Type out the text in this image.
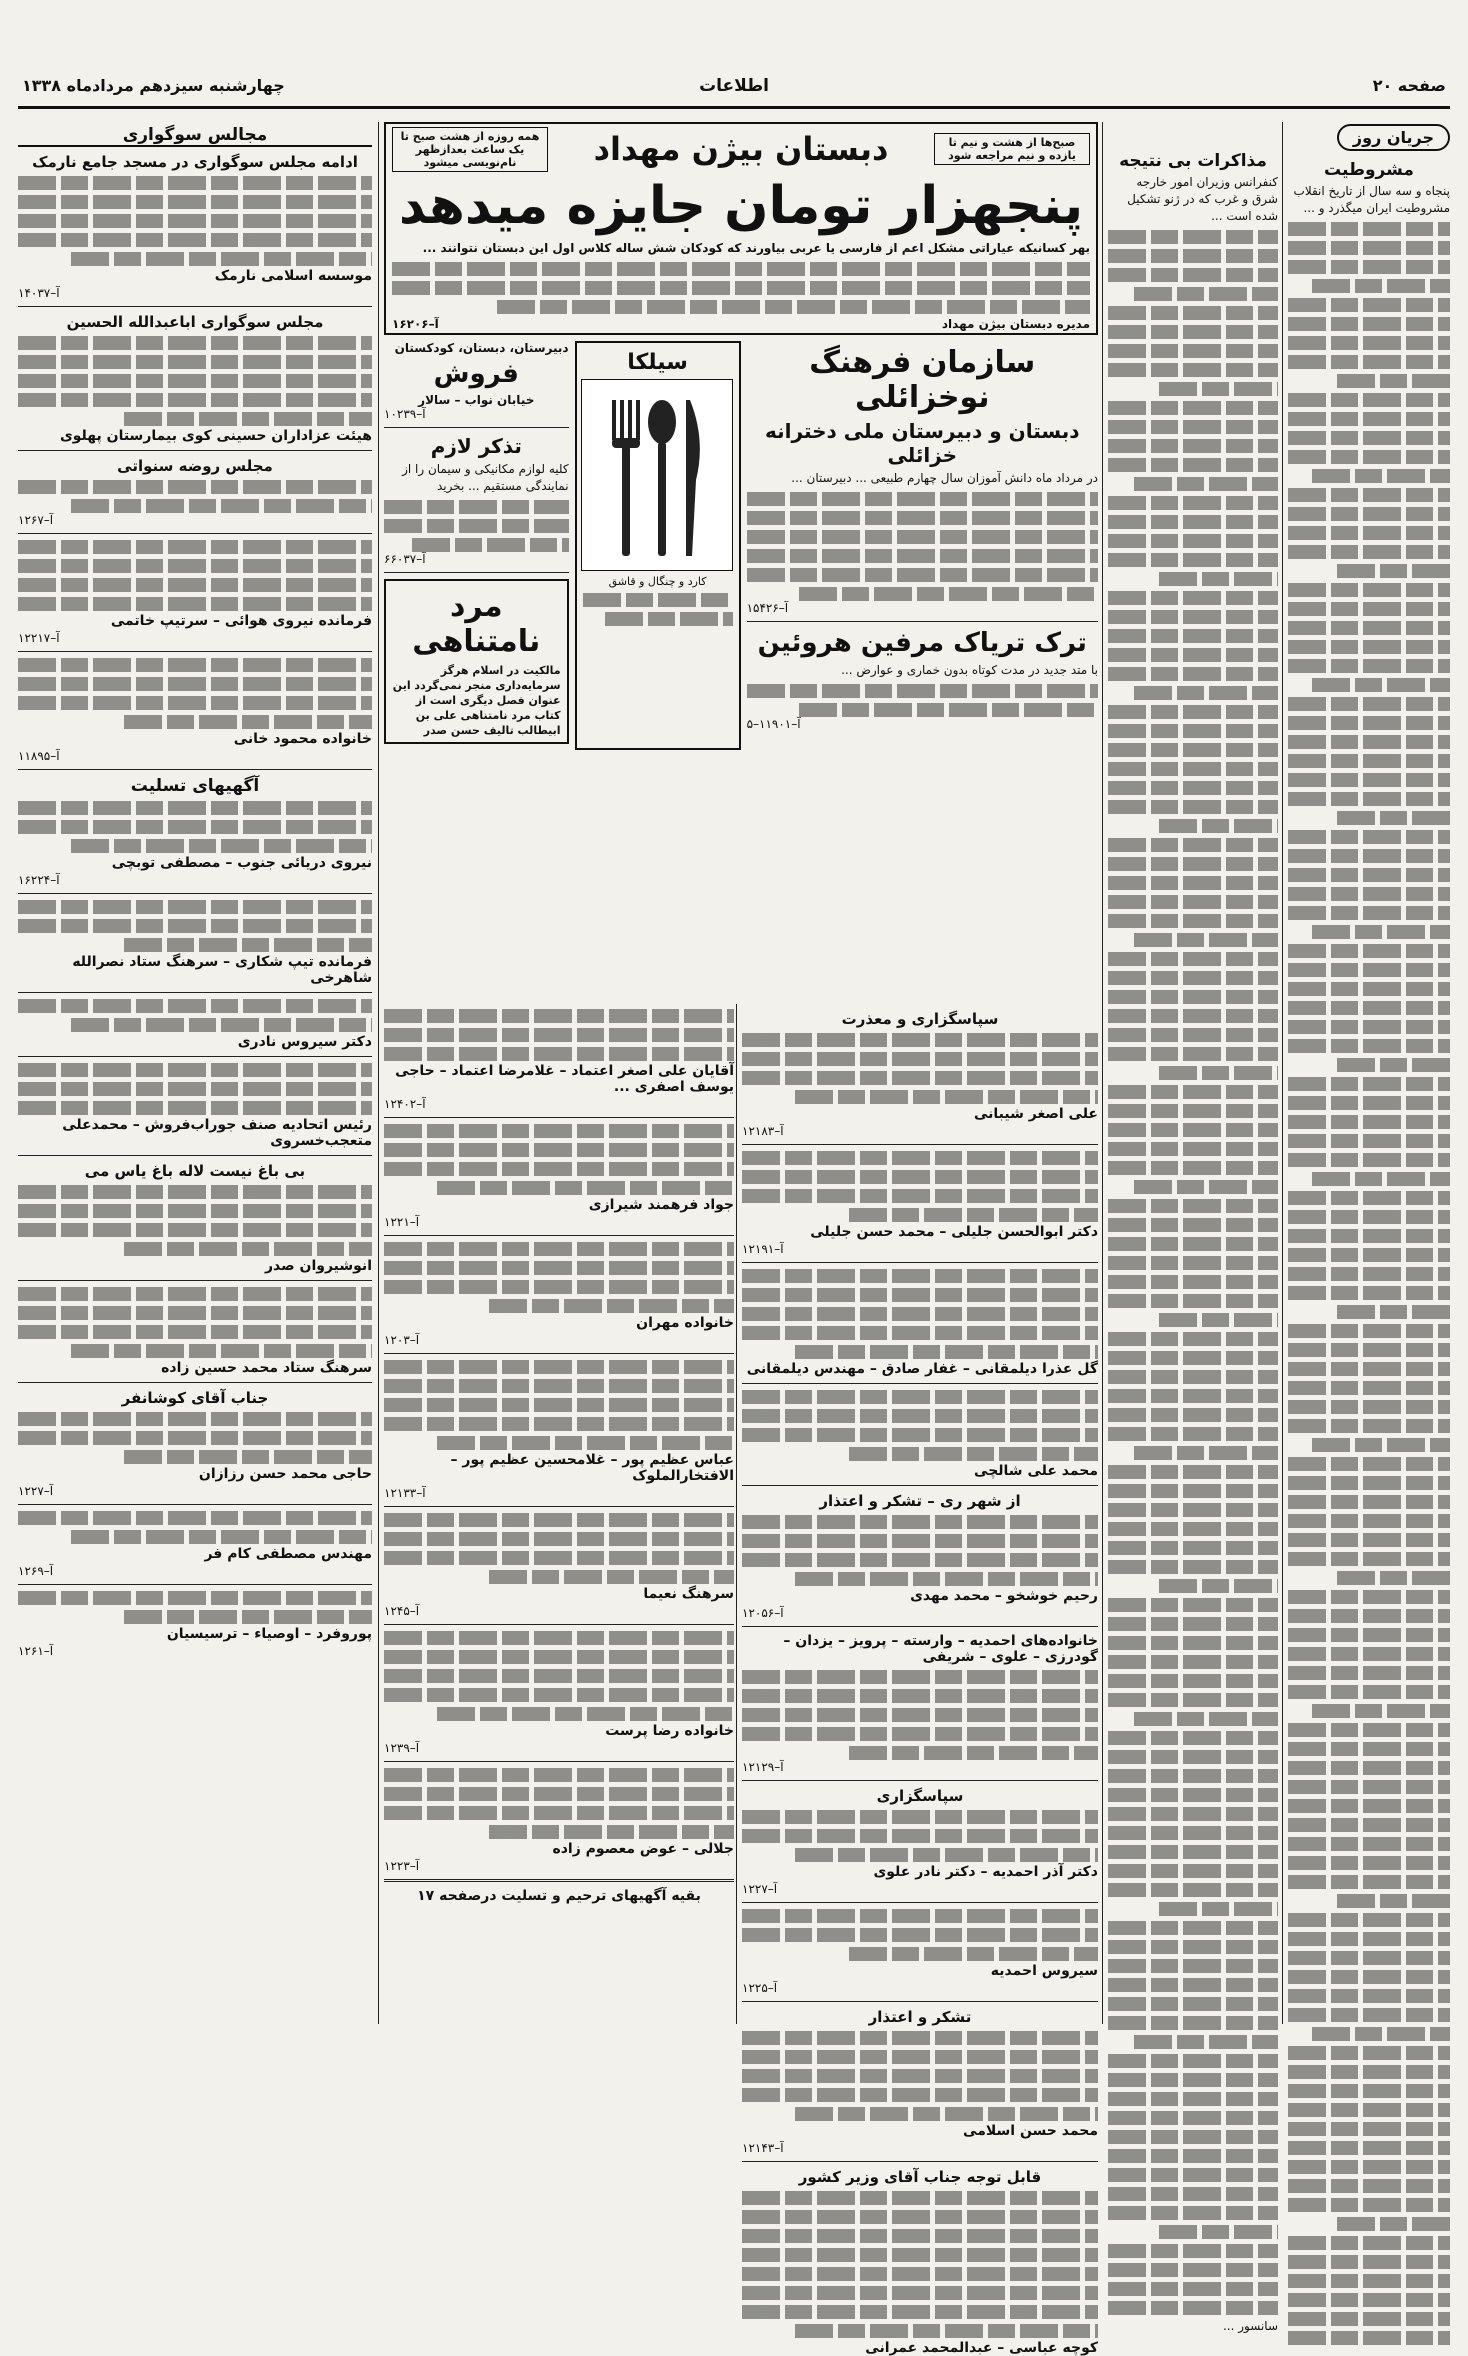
صفحه ۲۰
اطلاعات
چهارشنبه سیزدهم مردادماه ۱۳۳۸
جریان روز
مشروطیت
پنجاه و سه سال از تاریخ انقلاب مشروطیت ایران میگذرد و ...
مذاکرات بی نتیجه
کنفرانس وزیران امور خارجه شرق و غرب که در ژنو تشکیل شده است ...
سانسور ...
صبح‌ها از هشت و نیم تا یازده و نیم مراجعه شود
دبستان بیژن مهداد
همه روزه از هشت صبح تا یک ساعت بعدازظهر نام‌نویسی میشود
پنجهزار تومان جایزه میدهد
بهر کسانیکه عیاراتی مشکل اعم از فارسی یا عربی بیاورند که کودکان شش ساله کلاس اول این دبستان نتوانند ...
مدیره دبستان بیژن مهداد
آ–۱۶۲۰۶
سازمان فرهنگ نوخزائلی
دبستان و دبیرستان ملی دخترانه خزائلی
در مرداد ماه دانش آموزان سال چهارم طبیعی ... دبیرستان ...
آ–۱۵۴۲۶
ترک تریاک مرفین هروئین
با متد جدید در مدت کوتاه بدون خماری و عوارض ...
آ–۱۱۹۰۱–۵
سیلکا
کارد و چنگال و قاشق
دبیرستان، دبستان، کودکستان
فروش
خیابان نواب – سالار
آ–۱۰۲۳۹
تذکر لازم
کلیه لوازم مکانیکی و سیمان را از نمایندگی مستقیم ... بخرید
آ–۶۶۰۳۷
مرد نامتناهی
مالکیت در اسلام هرگز سرمایه‌داری منجر نمی‌گردد این عنوان فصل دیگری است از کتاب مرد نامتناهی علی بن ابیطالب تالیف حسن صدر
سپاسگزاری و معذرت
علی اصغر شیبانی
آ–۱۲۱۸۳
دکتر ابوالحسن جلیلی – محمد حسن جلیلی
آ–۱۲۱۹۱
گل عذرا دیلمقانی – غفار صادق – مهندس دیلمقانی
محمد علی شالچی
از شهر ری – تشکر و اعتذار
رحیم خوشخو – محمد مهدی
آ–۱۲۰۵۶
خانواده‌های احمدیه – وارسته – پرویز – یزدان – گودرزی – علوی – شریفی
آ–۱۲۱۲۹
سپاسگزاری
دکتر آذر احمدیه – دکتر نادر علوی
آ–۱۲۲۷
سیروس احمدیه
آ–۱۲۲۵
تشکر و اعتذار
محمد حسن اسلامی
آ–۱۲۱۴۳
قابل توجه جناب آقای وزیر کشور
کوچه عباسی – عبدالمحمد عمرانی
آقایان علی اصغر اعتماد – غلامرضا اعتماد – حاجی یوسف اصفری ...
آ–۱۲۴۰۲
جواد فرهمند شیرازی
آ–۱۲۲۱
خانواده مهران
آ–۱۲۰۳
عباس عظیم پور – غلامحسین عظیم پور – الافتخارالملوک
آ–۱۲۱۳۳
سرهنگ نعیما
آ–۱۲۴۵
خانواده رضا پرست
آ–۱۲۳۹
جلالی – عوض معصوم زاده
آ–۱۲۲۳
بقیه آگهیهای ترحیم و تسلیت درصفحه ۱۷
مجالس سوگواری
ادامه مجلس سوگواری در مسجد جامع نارمک
موسسه اسلامی نارمک
آ–۱۴۰۳۷
مجلس سوگواری اباعبدالله الحسین
هیئت عزاداران حسینی کوی بیمارستان پهلوی
مجلس روضه سنواتی
آ–۱۲۶۷
فرمانده نیروی هوائی – سرتیپ خاتمی
آ–۱۲۲۱۷
خانواده محمود خانی
آ–۱۱۸۹۵
آگهیهای تسلیت
نیروی دریائی جنوب – مصطفی توبچی
آ–۱۶۲۲۴
فرمانده تیپ شکاری – سرهنگ ستاد نصرالله شاهرخی
دکتر سیروس نادری
رئیس اتحادیه صنف جوراب‌فروش – محمدعلی متعجب‌خسروی
بی باغ نیست لاله باغ یاس می
انوشیروان صدر
سرهنگ ستاد محمد حسین زاده
جناب آقای کوشانفر
حاجی محمد حسن رزازان
آ–۱۲۲۷
مهندس مصطفی کام فر
آ–۱۲۶۹
پوروفرد – اوصیاء – ترسیسیان
آ–۱۲۶۱
